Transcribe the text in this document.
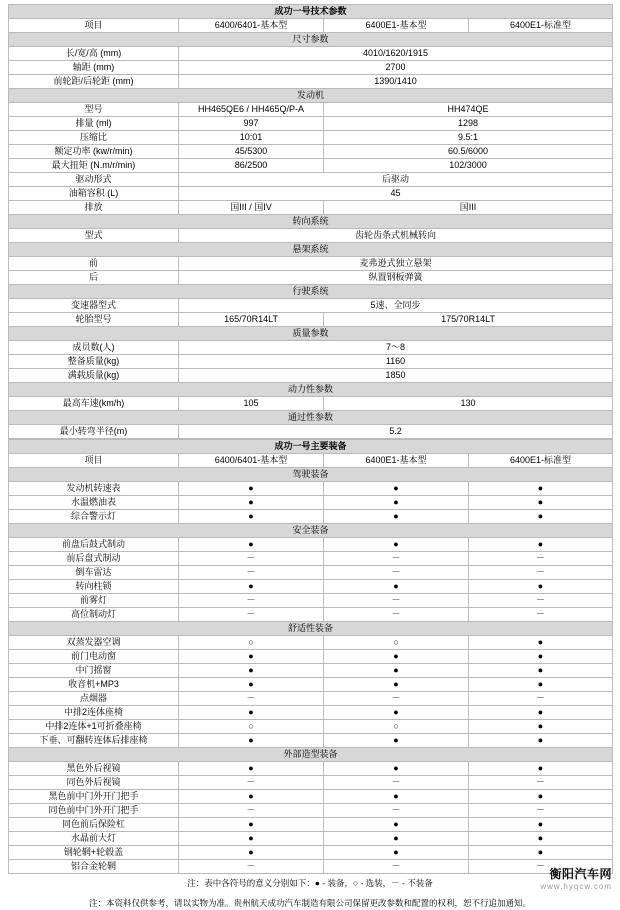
成功一号技术参数			
项目	6400/6401-基本型	6400E1-基本型	6400E1-标准型
尺寸参数			
长/宽/高 (mm)	4010/1620/1915		
轴距 (mm)	2700		
前轮距/后轮距 (mm)	1390/1410		
发动机			
型号	HH465QE6 / HH465Q/P-A	HH474QE	
排量 (ml)	997	1298	
压缩比	10:01	9.5:1	
额定功率 (kw/r/min)	45/5300	60.5/6000	
最大扭矩 (N.m/r/min)	86/2500	102/3000	
驱动形式	后驱动		
油箱容积 (L)	45		
排放	国III / 国IV	国III	
转向系统			
型式	齿轮齿条式机械转向		
悬架系统			
前	麦弗逊式独立悬架		
后	纵置钢板弹簧		
行驶系统			
变速器型式	5速、全同步		
轮胎型号	165/70R14LT	175/70R14LT	
质量参数			
成员数(人)	7～8		
整备质量(kg)	1160		
满载质量(kg)	1850		
动力性参数			
最高车速(km/h)	105	130	
通过性参数			
最小转弯半径(m)	5.2		
成功一号主要装备			
项目	6400/6401-基本型	6400E1-基本型	6400E1-标准型
驾驶装备			
发动机转速表	●	●	●
水温燃油表	●	●	●
综合警示灯	●	●	●
安全装备			
前盘后鼓式制动	●	●	●
前后盘式制动	－	－	－
倒车雷达	－	－	－
转向柱锁	●	●	●
前雾灯	－	－	－
高位制动灯	－	－	－
舒适性装备			
双蒸发器空调	○	○	●
前门电动窗	●	●	●
中门摇窗	●	●	●
收音机+MP3	●	●	●
点烟器	－	－	－
中排2连体座椅	●	●	●
中排2连体+1可折叠座椅	○	○	●
下垂、可翻转连体后排座椅	●	●	●
外部造型装备			
黑色外后视镜	●	●	●
同色外后视镜	－	－	－
黑色前中门外开门把手	●	●	●
同色前中门外开门把手	－	－	－
同色前后保险杠	●	●	●
水晶前大灯	●	●	●
钢轮辋+轮毂盖	●	●	●
铝合金轮辋	－	－	－
注：表中各符号的意义分别如下：● - 装备，○ - 选装，－ - 不装备
衡阳汽车网
www.hyqcw.com
注：本资料仅供参考，请以实物为准。贵州航天成功汽车制造有限公司保留更改参数和配置的权利，恕不行追加通知。
